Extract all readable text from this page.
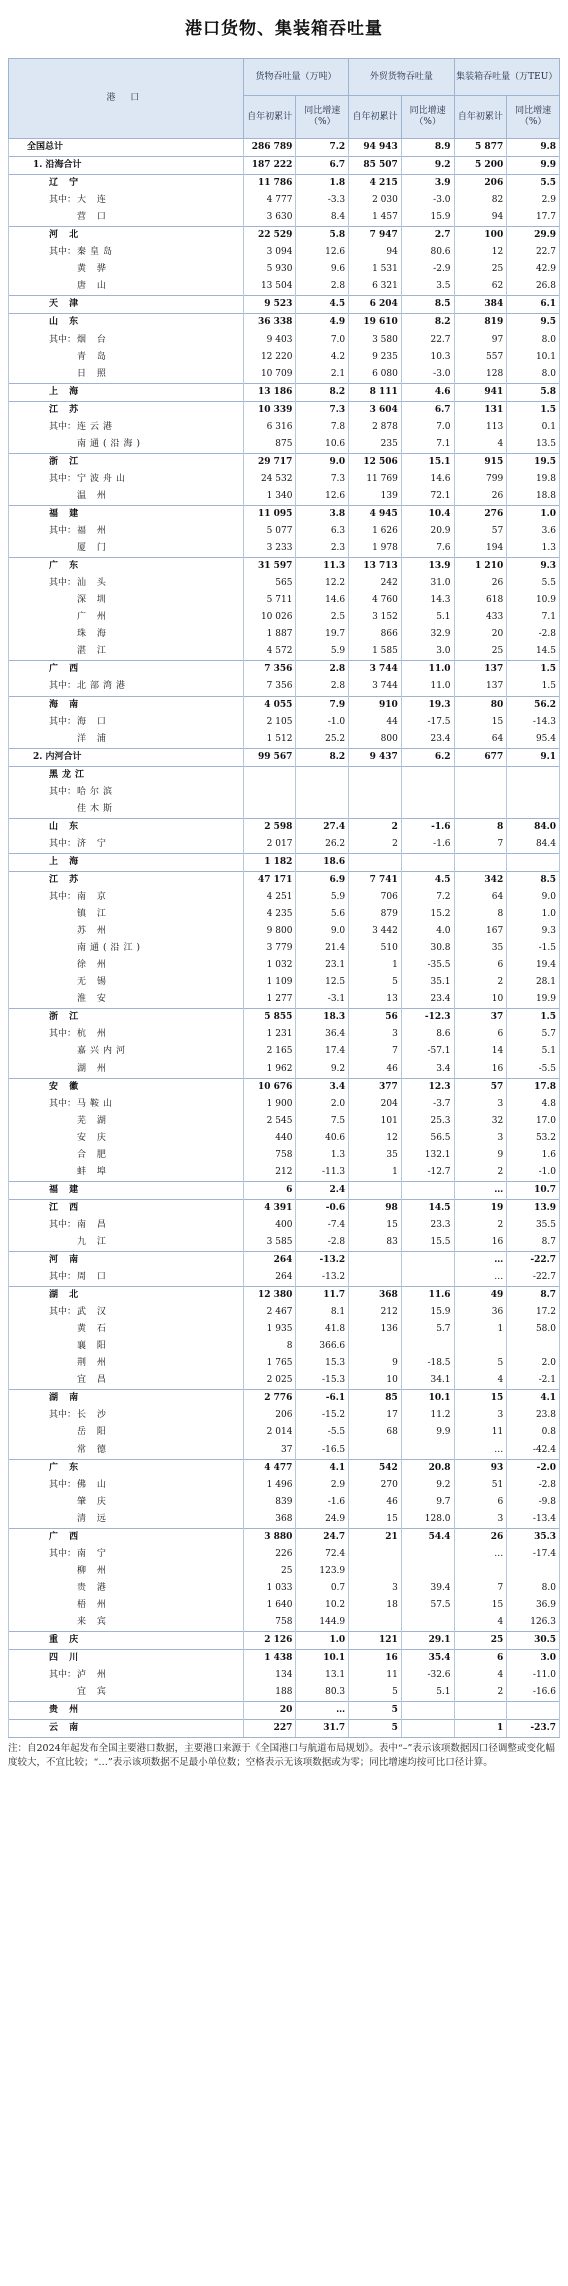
港口货物、集装箱吞吐量
港 口	货物吞吐量（万吨）		外贸货物吞吐量		集装箱吞吐量（万TEU）	
	自年初累计	同比增速（%）	自年初累计	同比增速（%）	自年初累计	同比增速（%）
全国总计	286 789	7.2	94 943	8.9	5 877	9.8
1. 沿海合计	187 222	6.7	85 507	9.2	5 200	9.9
辽 宁	11 786	1.8	4 215	3.9	206	5.5
其中：大 连	4 777	-3.3	2 030	-3.0	82	2.9
营 口	3 630	8.4	1 457	15.9	94	17.7
河 北	22 529	5.8	7 947	2.7	100	29.9
其中：秦皇岛	3 094	12.6	94	80.6	12	22.7
黄 骅	5 930	9.6	1 531	-2.9	25	42.9
唐 山	13 504	2.8	6 321	3.5	62	26.8
天 津	9 523	4.5	6 204	8.5	384	6.1
山 东	36 338	4.9	19 610	8.2	819	9.5
其中：烟 台	9 403	7.0	3 580	22.7	97	8.0
青 岛	12 220	4.2	9 235	10.3	557	10.1
日 照	10 709	2.1	6 080	-3.0	128	8.0
上 海	13 186	8.2	8 111	4.6	941	5.8
江 苏	10 339	7.3	3 604	6.7	131	1.5
其中：连云港	6 316	7.8	2 878	7.0	113	0.1
南通(沿海)	875	10.6	235	7.1	4	13.5
浙 江	29 717	9.0	12 506	15.1	915	19.5
其中：宁波舟山	24 532	7.3	11 769	14.6	799	19.8
温 州	1 340	12.6	139	72.1	26	18.8
福 建	11 095	3.8	4 945	10.4	276	1.0
其中：福 州	5 077	6.3	1 626	20.9	57	3.6
厦 门	3 233	2.3	1 978	7.6	194	1.3
广 东	31 597	11.3	13 713	13.9	1 210	9.3
其中：汕 头	565	12.2	242	31.0	26	5.5
深 圳	5 711	14.6	4 760	14.3	618	10.9
广 州	10 026	2.5	3 152	5.1	433	7.1
珠 海	1 887	19.7	866	32.9	20	-2.8
湛 江	4 572	5.9	1 585	3.0	25	14.5
广 西	7 356	2.8	3 744	11.0	137	1.5
其中：北部湾港	7 356	2.8	3 744	11.0	137	1.5
海 南	4 055	7.9	910	19.3	80	56.2
其中：海 口	2 105	-1.0	44	-17.5	15	-14.3
洋 浦	1 512	25.2	800	23.4	64	95.4
2. 内河合计	99 567	8.2	9 437	6.2	677	9.1
黑龙江						
其中：哈尔滨						
佳木斯						
山 东	2 598	27.4	2	-1.6	8	84.0
其中：济 宁	2 017	26.2	2	-1.6	7	84.4
上 海	1 182	18.6				
江 苏	47 171	6.9	7 741	4.5	342	8.5
其中：南 京	4 251	5.9	706	7.2	64	9.0
镇 江	4 235	5.6	879	15.2	8	1.0
苏 州	9 800	9.0	3 442	4.0	167	9.3
南通(沿江)	3 779	21.4	510	30.8	35	-1.5
徐 州	1 032	23.1	1	-35.5	6	19.4
无 锡	1 109	12.5	5	35.1	2	28.1
淮 安	1 277	-3.1	13	23.4	10	19.9
浙 江	5 855	18.3	56	-12.3	37	1.5
其中：杭 州	1 231	36.4	3	8.6	6	5.7
嘉兴内河	2 165	17.4	7	-57.1	14	5.1
湖 州	1 962	9.2	46	3.4	16	-5.5
安 徽	10 676	3.4	377	12.3	57	17.8
其中：马鞍山	1 900	2.0	204	-3.7	3	4.8
芜 湖	2 545	7.5	101	25.3	32	17.0
安 庆	440	40.6	12	56.5	3	53.2
合 肥	758	1.3	35	132.1	9	1.6
蚌 埠	212	-11.3	1	-12.7	2	-1.0
福 建	6	2.4			…	10.7
江 西	4 391	-0.6	98	14.5	19	13.9
其中：南 昌	400	-7.4	15	23.3	2	35.5
九 江	3 585	-2.8	83	15.5	16	8.7
河 南	264	-13.2			…	-22.7
其中：周 口	264	-13.2			…	-22.7
湖 北	12 380	11.7	368	11.6	49	8.7
其中：武 汉	2 467	8.1	212	15.9	36	17.2
黄 石	1 935	41.8	136	5.7	1	58.0
襄 阳	8	366.6				
荆 州	1 765	15.3	9	-18.5	5	2.0
宜 昌	2 025	-15.3	10	34.1	4	-2.1
湖 南	2 776	-6.1	85	10.1	15	4.1
其中：长 沙	206	-15.2	17	11.2	3	23.8
岳 阳	2 014	-5.5	68	9.9	11	0.8
常 德	37	-16.5			…	-42.4
广 东	4 477	4.1	542	20.8	93	-2.0
其中：佛 山	1 496	2.9	270	9.2	51	-2.8
肇 庆	839	-1.6	46	9.7	6	-9.8
清 远	368	24.9	15	128.0	3	-13.4
广 西	3 880	24.7	21	54.4	26	35.3
其中：南 宁	226	72.4			…	-17.4
柳 州	25	123.9				
贵 港	1 033	0.7	3	39.4	7	8.0
梧 州	1 640	10.2	18	57.5	15	36.9
来 宾	758	144.9			4	126.3
重 庆	2 126	1.0	121	29.1	25	30.5
四 川	1 438	10.1	16	35.4	6	3.0
其中：泸 州	134	13.1	11	-32.6	4	-11.0
宜 宾	188	80.3	5	5.1	2	-16.6
贵 州	20	…	5			
云 南	227	31.7	5		1	-23.7
注：自2024年起发布全国主要港口数据，主要港口来源于《全国港口与航道布局规划》。表中“–”表示该项数据因口径调整或变化幅度较大，不宜比较；“…”表示该项数据不足最小单位数；空格表示无该项数据或为零；同比增速均按可比口径计算。
